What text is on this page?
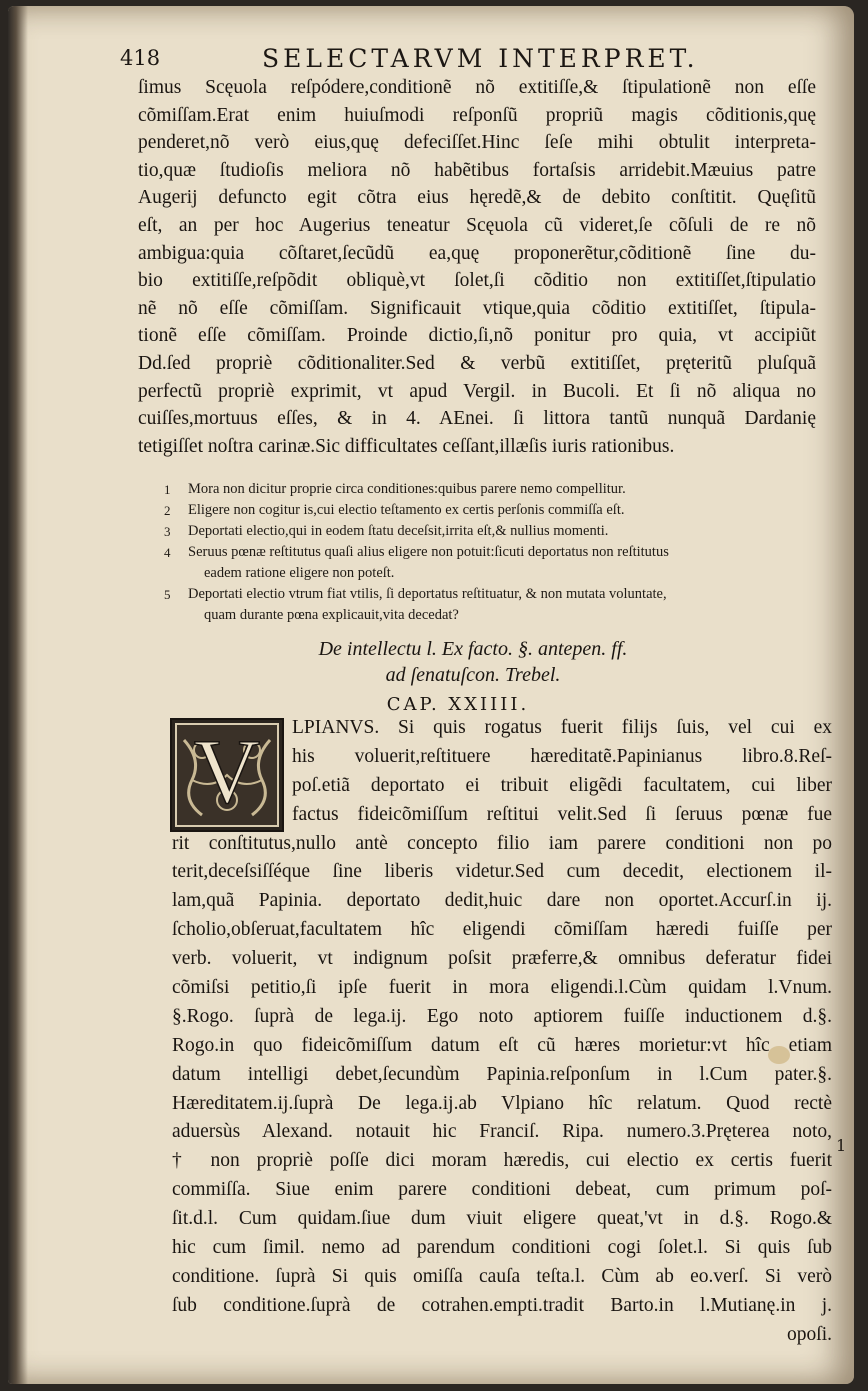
418	SELECTARVM INTERPRET.
ſimus Scęuola reſpódere,conditionẽ nõ extitiſſe,& ſtipulationẽ non eſſe
cõmiſſam.Erat enim huiuſmodi reſponſũ propriũ magis cõditionis,quę
penderet,nõ verò eius,quę defeciſſet.Hinc ſeſe mihi obtulit interpreta-
tio,quæ ſtudioſis meliora nõ habẽtibus fortaſsis arridebit.Mæuius patre
Augerij defuncto egit cõtra eius hęredẽ,& de debito conſtitit. Quęſitũ
eſt, an per hoc Augerius teneatur Scęuola cũ videret,ſe cõſuli de re nõ
ambigua:quia cõſtaret,ſecũdũ ea,quę proponerẽtur,cõditionẽ ſine du-
bio extitiſſe,reſpõdit obliquè,vt ſolet,ſi cõditio non extitiſſet,ſtipulatio
nẽ nõ eſſe cõmiſſam. Significauit vtique,quia cõditio extitiſſet, ſtipula-
tionẽ eſſe cõmiſſam. Proinde dictio,ſi,nõ ponitur pro quia, vt accipiũt
Dd.ſed propriè cõditionaliter.Sed & verbũ extitiſſet, pręteritũ pluſquã
perfectũ propriè exprimit, vt apud Vergil. in Bucoli. Et ſi nõ aliqua no
cuiſſes,mortuus eſſes, & in 4. AEnei. ſi littora tantũ nunquã Dardanię
tetigiſſet noſtra carinæ.Sic difficultates ceſſant,illæſis iuris rationibus.
1 Mora non dicitur proprie circa conditiones:quibus parere nemo compellitur.
2 Eligere non cogitur is,cui electio teſtamento ex certis perſonis commiſſa eſt.
3 Deportati electio,qui in eodem ſtatu deceſsit,irrita eſt,& nullius momenti.
4 Seruus pœnæ reſtitutus quaſi alius eligere non potuit:ſicuti deportatus non reſtitutus
eadem ratione eligere non poteſt.
5 Deportati electio vtrum fiat vtilis, ſi deportatus reſtituatur, & non mutata voluntate,
quam durante pœna explicauit,vita decedat?
De intellectu l. Ex facto. §. antepen. ff.
ad ſenatuſcon. Trebel.
CAP. XXIIII.
V LPIANVS. Si quis rogatus fuerit filijs ſuis, vel cui ex
his voluerit,reſtituere hæreditatẽ.Papinianus libro.8.Reſ-
poſ.etiã deportato ei tribuit eligẽdi facultatem, cui liber
factus fideicõmiſſum reſtitui velit.Sed ſi ſeruus pœnæ fue
rit conſtitutus,nullo antè concepto filio iam parere conditioni non po
terit,deceſsiſſéque ſine liberis videtur.Sed cum decedit, electionem il-
lam,quã Papinia. deportato dedit,huic dare non oportet.Accurſ.in ij.
ſcholio,obſeruat,facultatem hîc eligendi cõmiſſam hæredi fuiſſe per
verb. voluerit, vt indignum poſsit præferre,& omnibus deferatur fidei
cõmiſsi petitio,ſi ipſe fuerit in mora eligendi.l.Cùm quidam l.Vnum.
§.Rogo. ſuprà de lega.ij. Ego noto aptiorem fuiſſe inductionem d.§.
Rogo.in quo fideicõmiſſum datum eſt cũ hæres morietur:vt hîc etiam
datum intelligi debet,ſecundùm Papinia.reſponſum in l.Cum pater.§.
Hæreditatem.ij.ſuprà De lega.ij.ab Vlpiano hîc relatum. Quod rectè
aduersùs Alexand. notauit hic Franciſ. Ripa. numero.3.Pręterea noto,
† non propriè poſſe dici moram hæredis, cui electio ex certis fuerit
commiſſa. Siue enim parere conditioni debeat, cum primum poſ-
ſit.d.l. Cum quidam.ſiue dum viuit eligere queat,'vt in d.§. Rogo.&
hic cum ſimil. nemo ad parendum conditioni cogi ſolet.l. Si quis ſub
conditione. ſuprà Si quis omiſſa cauſa teſta.l. Cùm ab eo.verſ. Si verò
ſub conditione.ſuprà de cotrahen.empti.tradit Barto.in l.Mutianę.in j.
opoſi.
1
